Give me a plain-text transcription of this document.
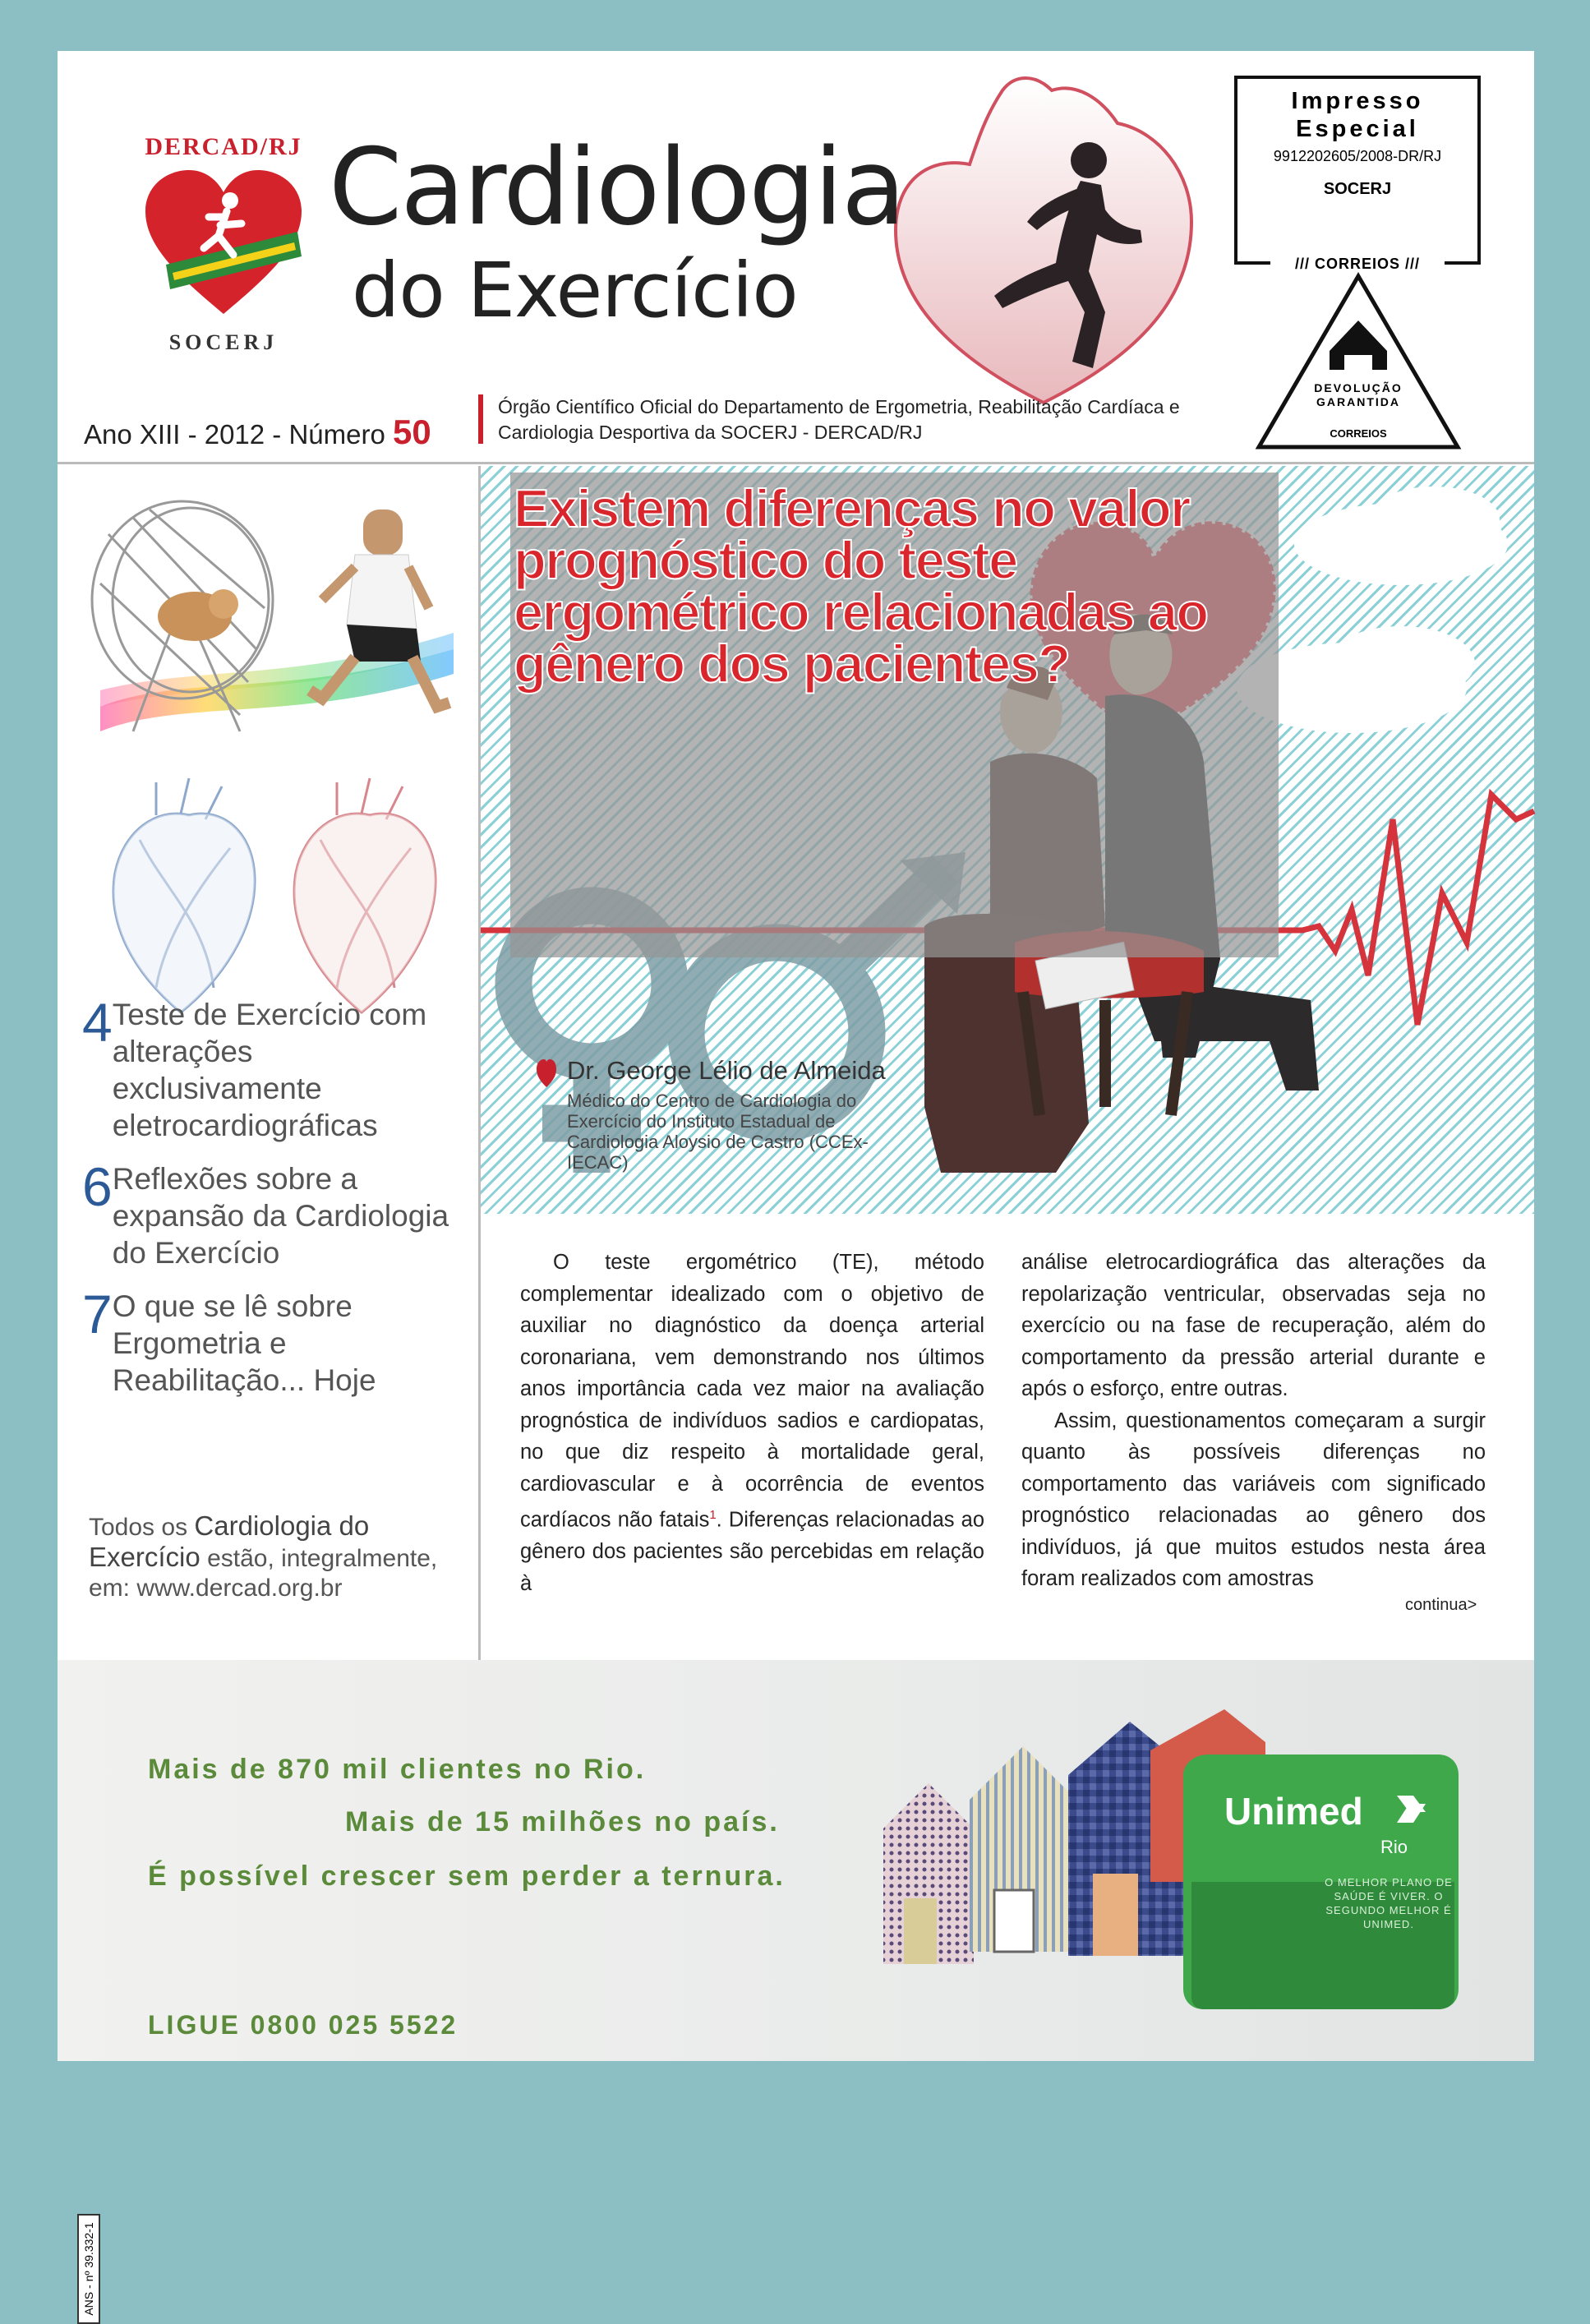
DERCAD/RJ
SOCERJ
Cardiologia
do Exercício
Impresso
Especial
9912202605/2008-DR/RJ
SOCERJ
/// CORREIOS ///
DEVOLUÇÃO
GARANTIDA
CORREIOS
Ano XIII - 2012 - Número 50
Órgão Científico Oficial do Departamento de Ergometria, Reabilitação Cardíaca e Cardiologia Desportiva da SOCERJ - DERCAD/RJ
4 Teste de Exercício com alterações exclusivamente eletrocardiográficas
6 Reflexões sobre a expansão da Cardiologia do Exercício
7 O que se lê sobre Ergometria e Reabilitação... Hoje
Todos os Cardiologia do Exercício estão, integralmente, em: www.dercad.org.br
Existem diferenças no valor prognóstico do teste ergométrico relacionadas ao gênero dos pacientes?
Dr. George Lélio de Almeida
Médico do Centro de Cardiologia do Exercício do Instituto Estadual de Cardiologia Aloysio de Castro (CCEx-IECAC)

O teste ergométrico (TE), método complementar idealizado com o objetivo de auxiliar no diagnóstico da doença arterial coronariana, vem demonstrando nos últimos anos importância cada vez maior na avaliação prognóstica de indivíduos sadios e cardiopatas, no que diz respeito à mortalidade geral, cardiovascular e à ocorrência de eventos cardíacos não fatais$^1$. Diferenças relacionadas ao gênero dos pacientes são percebidas em relação à

análise eletrocardiográfica das alterações da repolarização ventricular, observadas seja no exercício ou na fase de recuperação, além do comportamento da pressão arterial durante e após o esforço, entre outras.

Assim, questionamentos começaram a surgir quanto às possíveis diferenças no comportamento das variáveis com significado prognóstico relacionadas ao gênero dos indivíduos, já que muitos estudos nesta área foram realizados com amostras

continua>
Mais de 870 mil clientes no Rio.
Mais de 15 milhões no país.
É possível crescer sem perder a ternura.
LIGUE 0800 025 5522
ANS - nº 39.332-1
Unimed
Rio
O MELHOR PLANO DE SAÚDE É VIVER. O SEGUNDO MELHOR É UNIMED.
